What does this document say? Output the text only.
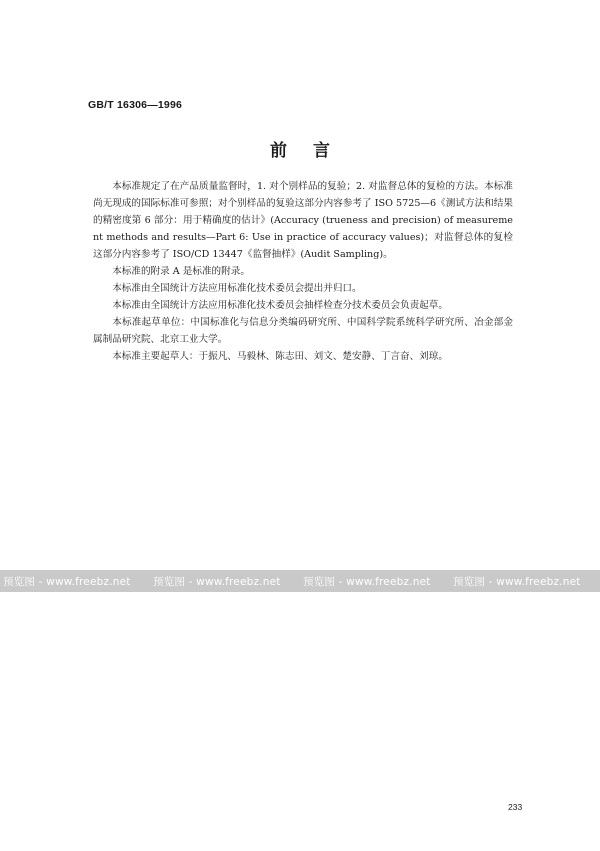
GB/T 16306—1996
前 言

本标准规定了在产品质量监督时，1. 对个别样品的复验；2. 对监督总体的复检的方法。本标准尚无现成的国际标准可参照；对个别样品的复验这部分内容参考了 ISO 5725—6《测试方法和结果的精密度第 6 部分：用于精确度的估计》(Accuracy (trueness and precision) of measurement methods and results—Part 6: Use in practice of accuracy values)；对监督总体的复检这部分内容参考了 ISO/CD 13447《监督抽样》(Audit Sampling)。

本标准的附录 A 是标准的附录。

本标准由全国统计方法应用标准化技术委员会提出并归口。

本标准由全国统计方法应用标准化技术委员会抽样检查分技术委员会负责起草。

本标准起草单位：中国标准化与信息分类编码研究所、中国科学院系统科学研究所、冶金部金属制品研究院、北京工业大学。

本标准主要起草人：于振凡、马毅林、陈志田、刘文、楚安静、丁言奋、刘琼。

预览图 - www.freebz.net	预览图 - www.freebz.net	预览图 - www.freebz.net	预览图 - www.freebz.net
233
